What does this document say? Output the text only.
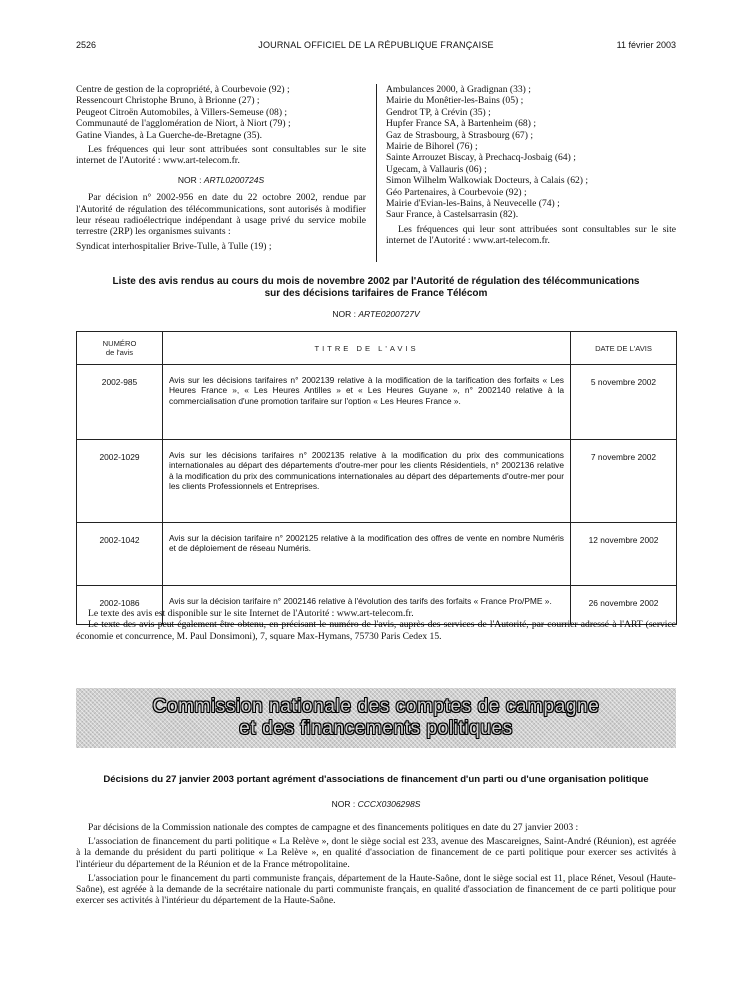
2526	JOURNAL OFFICIEL DE LA RÉPUBLIQUE FRANÇAISE	11 février 2003
Centre de gestion de la copropriété, à Courbevoie (92) ;
Ressencourt Christophe Bruno, à Brionne (27) ;
Peugeot Citroën Automobiles, à Villers-Semeuse (08) ;
Communauté de l'agglomération de Niort, à Niort (79) ;
Gatine Viandes, à La Guerche-de-Bretagne (35).

Les fréquences qui leur sont attribuées sont consultables sur le site internet de l'Autorité : www.art-telecom.fr.

NOR : ARTL0200724S

Par décision n° 2002-956 en date du 22 octobre 2002, rendue par l'Autorité de régulation des télécommunications, sont autorisés à modifier leur réseau radioélectrique indépendant à usage privé du service mobile terrestre (2RP) les organismes suivants :

Syndicat interhospitalier Brive-Tulle, à Tulle (19) ;
Ambulances 2000, à Gradignan (33) ;
Mairie du Monêtier-les-Bains (05) ;
Gendrot TP, à Crévin (35) ;
Hupfer France SA, à Bartenheim (68) ;
Gaz de Strasbourg, à Strasbourg (67) ;
Mairie de Bihorel (76) ;
Sainte Arrouzet Biscay, à Prechacq-Josbaig (64) ;
Ugecam, à Vallauris (06) ;
Simon Wilhelm Walkowiak Docteurs, à Calais (62) ;
Géo Partenaires, à Courbevoie (92) ;
Mairie d'Evian-les-Bains, à Neuvecelle (74) ;
Saur France, à Castelsarrasin (82).

Les fréquences qui leur sont attribuées sont consultables sur le site internet de l'Autorité : www.art-telecom.fr.

Liste des avis rendus au cours du mois de novembre 2002 par l'Autorité de régulation des télécommunications
sur des décisions tarifaires de France Télécom
NOR : ARTE0200727V
NUMÉRO
de l'avis	TITRE DE L'AVIS	DATE DE L'AVIS
2002-985	Avis sur les décisions tarifaires n° 2002139 relative à la modification de la tarification des forfaits « Les Heures France », « Les Heures Antilles » et « Les Heures Guyane », n° 2002140 relative à la commercialisation d'une promotion tarifaire sur l'option « Les Heures France ».	5 novembre 2002
2002-1029	Avis sur les décisions tarifaires n° 2002135 relative à la modification du prix des communications internationales au départ des départements d'outre-mer pour les clients Résidentiels, n° 2002136 relative à la modification du prix des communications internationales au départ des départements d'outre-mer pour les clients Professionnels et Entreprises.	7 novembre 2002
2002-1042	Avis sur la décision tarifaire n° 2002125 relative à la modification des offres de vente en nombre Numéris et de déploiement de réseau Numéris.	12 novembre 2002
2002-1086	Avis sur la décision tarifaire n° 2002146 relative à l'évolution des tarifs des forfaits « France Pro/PME ».	26 novembre 2002

Le texte des avis est disponible sur le site Internet de l'Autorité : www.art-telecom.fr.

Le texte des avis peut également être obtenu, en précisant le numéro de l'avis, auprès des services de l'Autorité, par courrier adressé à l'ART (service économie et concurrence, M. Paul Donsimoni), 7, square Max-Hymans, 75730 Paris Cedex 15.

Commission nationale des comptes de campagne
et des financements politiques
Décisions du 27 janvier 2003 portant agrément d'associations de financement d'un parti ou d'une organisation politique
NOR : CCCX0306298S

Par décisions de la Commission nationale des comptes de campagne et des financements politiques en date du 27 janvier 2003 :

L'association de financement du parti politique « La Relève », dont le siège social est 233, avenue des Mascareignes, Saint-André (Réunion), est agréée à la demande du président du parti politique « La Relève », en qualité d'association de financement de ce parti politique pour exercer ses activités à l'intérieur du département de la Réunion et de la France métropolitaine.

L'association pour le financement du parti communiste français, département de la Haute-Saône, dont le siège social est 11, place Rénet, Vesoul (Haute-Saône), est agréée à la demande de la secrétaire nationale du parti communiste français, en qualité d'association de financement de ce parti politique pour exercer ses activités à l'intérieur du département de la Haute-Saône.
